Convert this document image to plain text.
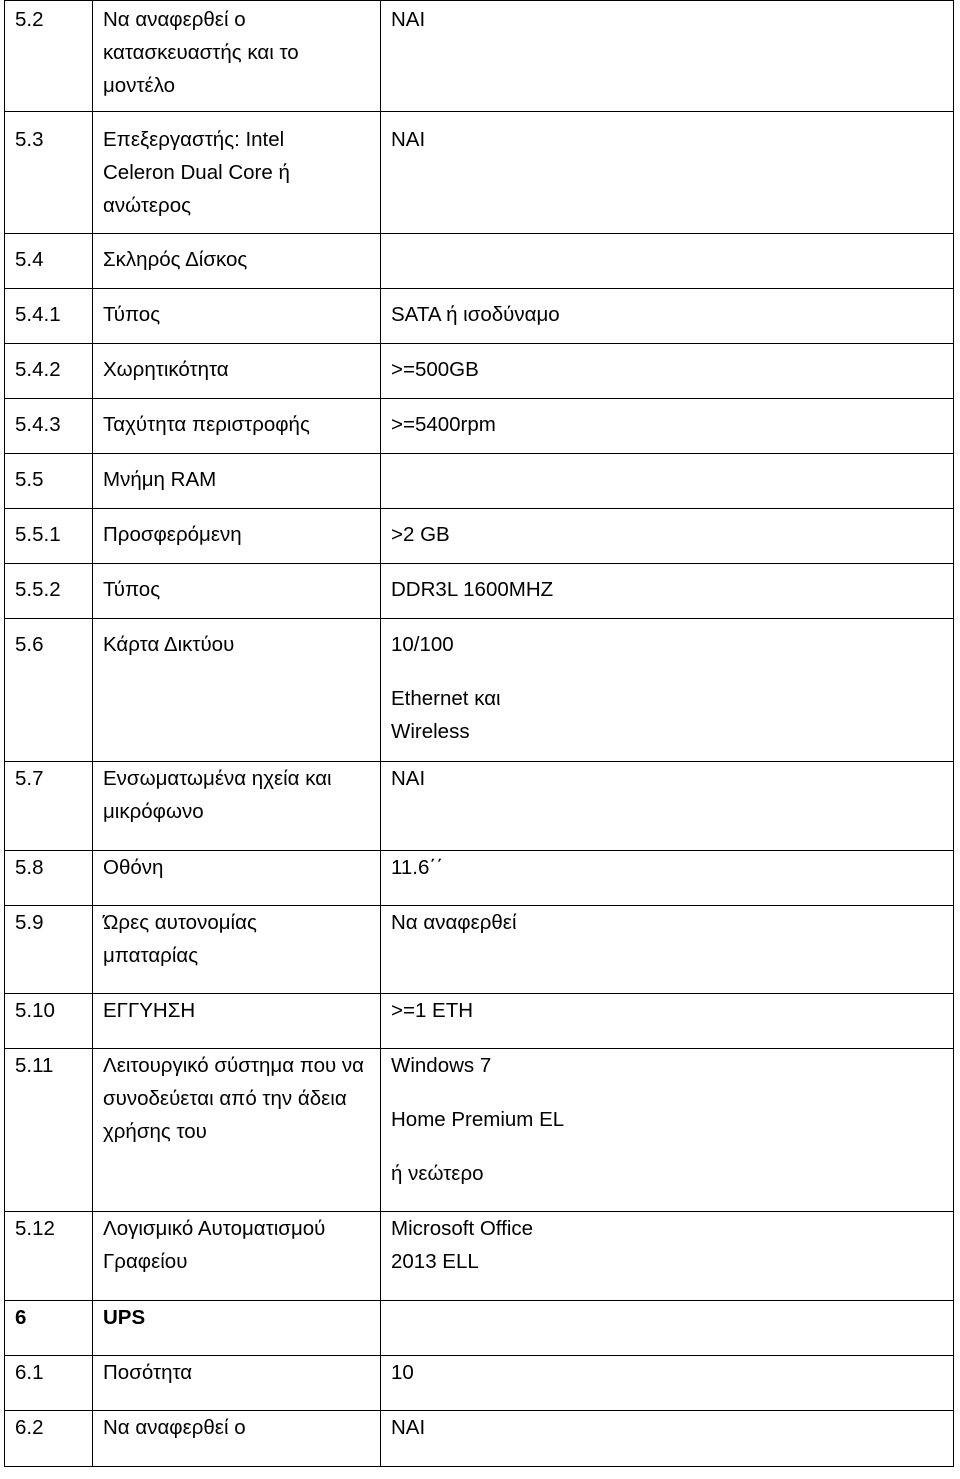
5.2	Να αναφερθεί ο κατασκευαστής και το μοντέλο	ΝΑΙ

5.3	Επεξεργαστής: Intel Celeron Dual Core ή ανώτερος	ΝΑΙ

5.4	Σκληρός Δίσκος	

5.4.1	Τύπος	SATA ή ισοδύναμο

5.4.2	Χωρητικότητα	>=500GB

5.4.3	Ταχύτητα περιστροφής	>=5400rpm

5.5	Μνήμη RAM	

5.5.1	Προσφερόμενη	>2 GB

5.5.2	Τύπος	DDR3L 1600MHZ

5.6	Κάρτα Δικτύου	10/100
Ethernet και Wireless

5.7	Ενσωματωμένα ηχεία και μικρόφωνο	ΝΑΙ

5.8	Οθόνη	11.6΄΄

5.9	Ώρες αυτονομίας μπαταρίας	Να αναφερθεί

5.10	ΕΓΓΥΗΣΗ	>=1 ΕΤΗ

5.11	Λειτουργικό σύστημα που να συνοδεύεται από την άδεια χρήσης του	Windows 7
Home Premium EL
ή νεώτερο

5.12	Λογισμικό Αυτοματισμού Γραφείου	Microsoft Office 2013 ELL

6	UPS	

6.1	Ποσότητα	10

6.2	Να αναφερθεί ο	ΝΑΙ
